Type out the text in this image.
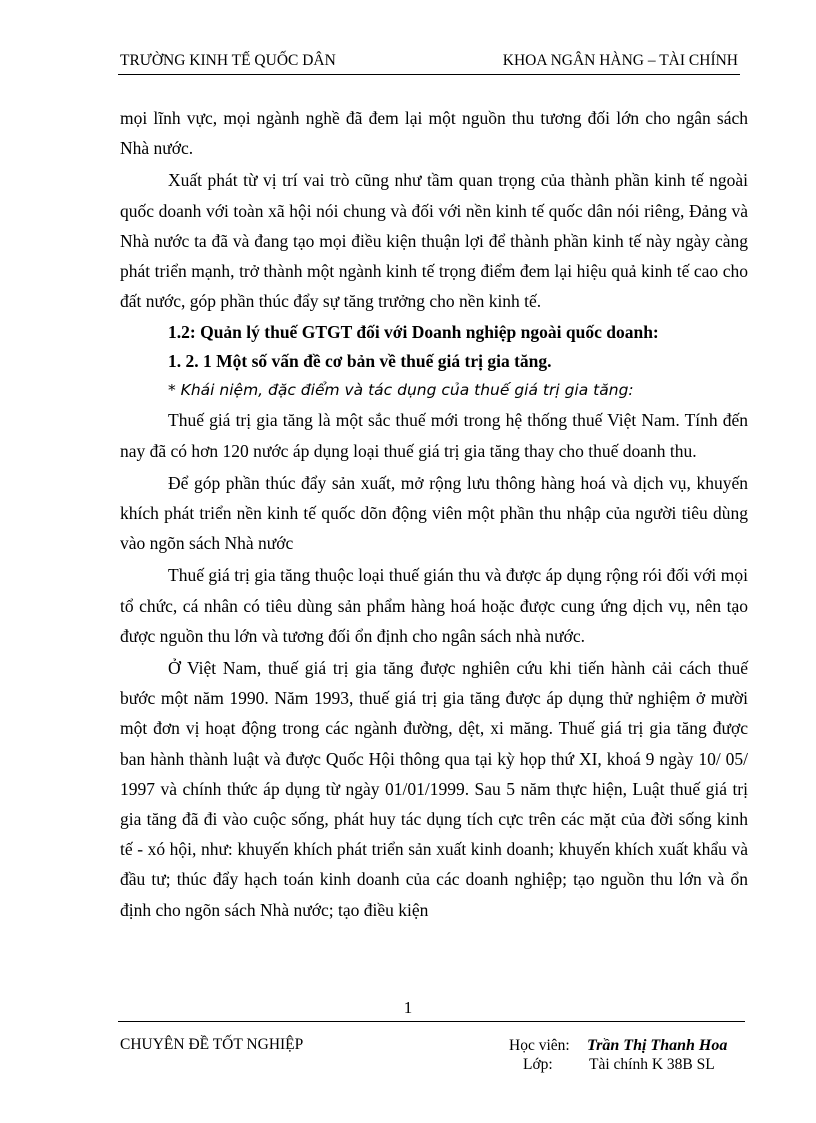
TRƯỜNG KINH TẾ QUỐC DÂN	KHOA NGÂN HÀNG – TÀI CHÍNH

mọi lĩnh vực, mọi ngành nghề đã đem lại một nguồn thu tương đối lớn cho ngân sách Nhà nước.

Xuất phát từ vị trí vai trò cũng như tầm quan trọng của thành phần kinh tế ngoài quốc doanh với toàn xã hội nói chung và đối với nền kinh tế quốc dân nói riêng, Đảng và Nhà nước ta đã và đang tạo mọi điều kiện thuận lợi để thành phần kinh tế này ngày càng phát triển mạnh, trở thành một ngành kinh tế trọng điểm đem lại hiệu quả kinh tế cao cho đất nước, góp phần thúc đẩy sự tăng trưởng cho nền kinh tế.

1.2: Quản lý thuế GTGT đối với Doanh nghiệp ngoài quốc doanh:

1. 2. 1 Một số vấn đề cơ bản về thuế giá trị gia tăng.

* Khái niệm, đặc điểm và tác dụng của thuế giá trị gia tăng:

Thuế giá trị gia tăng là một sắc thuế mới trong hệ thống thuế Việt Nam. Tính đến nay đã có hơn 120 nước áp dụng loại thuế giá trị gia tăng thay cho thuế doanh thu.

Để góp phần thúc đẩy sản xuất, mở rộng lưu thông hàng hoá và dịch vụ, khuyến khích phát triển nền kinh tế quốc dõn động viên một phần thu nhập của người tiêu dùng vào ngõn sách Nhà nước

Thuế giá trị gia tăng thuộc loại thuế gián thu và được áp dụng rộng rói đối với mọi tổ chức, cá nhân có tiêu dùng sản phẩm hàng hoá hoặc được cung ứng dịch vụ, nên tạo được nguồn thu lớn và tương đối ổn định cho ngân sách nhà nước.

Ở Việt Nam, thuế giá trị gia tăng được nghiên cứu khi tiến hành cải cách thuế bước một năm 1990. Năm 1993, thuế giá trị gia tăng được áp dụng thử nghiệm ở mười một đơn vị hoạt động trong các ngành đường, dệt, xi măng. Thuế giá trị gia tăng được ban hành thành luật và được Quốc Hội thông qua tại kỳ họp thứ XI, khoá 9 ngày 10/ 05/ 1997 và chính thức áp dụng từ ngày 01/01/1999. Sau 5 năm thực hiện, Luật thuế giá trị gia tăng đã đi vào cuộc sống, phát huy tác dụng tích cực trên các mặt của đời sống kinh tế - xó hội, như: khuyến khích phát triển sản xuất kinh doanh; khuyến khích xuất khẩu và đầu tư; thúc đẩy hạch toán kinh doanh của các doanh nghiệp; tạo nguồn thu lớn và ổn định cho ngõn sách Nhà nước; tạo điều kiện

1
CHUYÊN ĐỀ TỐT NGHIỆP	Học viên: Trần Thị Thanh Hoa
Lớp: Tài chính K 38B SL
